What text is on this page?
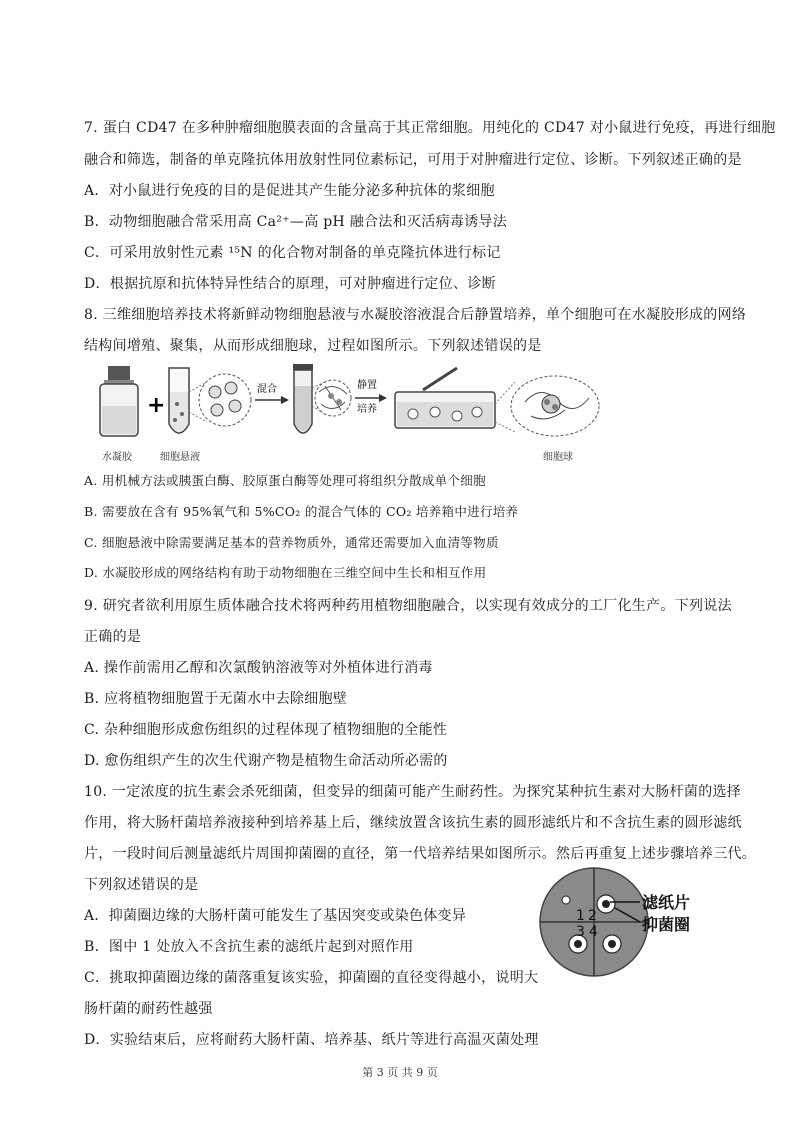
7. 蛋白 CD47 在多种肿瘤细胞膜表面的含量高于其正常细胞。用纯化的 CD47 对小鼠进行免疫，再进行细胞
融合和筛选，制备的单克隆抗体用放射性同位素标记，可用于对肿瘤进行定位、诊断。下列叙述正确的是
A．对小鼠进行免疫的目的是促进其产生能分泌多种抗体的浆细胞
B．动物细胞融合常采用高 Ca²⁺—高 pH 融合法和灭活病毒诱导法
C．可采用放射性元素 ¹⁵N 的化合物对制备的单克隆抗体进行标记
D．根据抗原和抗体特异性结合的原理，可对肿瘤进行定位、诊断
8. 三维细胞培养技术将新鲜动物细胞悬液与水凝胶溶液混合后静置培养，单个细胞可在水凝胶形成的网络
结构间增殖、聚集，从而形成细胞球，过程如图所示。下列叙述错误的是
+
混合	静置
培养
水凝胶	细胞悬液	细胞球
A. 用机械方法或胰蛋白酶、胶原蛋白酶等处理可将组织分散成单个细胞
B. 需要放在含有 95%氧气和 5%CO₂ 的混合气体的 CO₂ 培养箱中进行培养
C. 细胞悬液中除需要满足基本的营养物质外，通常还需要加入血清等物质
D. 水凝胶形成的网络结构有助于动物细胞在三维空间中生长和相互作用
9. 研究者欲利用原生质体融合技术将两种药用植物细胞融合，以实现有效成分的工厂化生产。下列说法
正确的是
A. 操作前需用乙醇和次氯酸钠溶液等对外植体进行消毒
B. 应将植物细胞置于无菌水中去除细胞壁
C. 杂种细胞形成愈伤组织的过程体现了植物细胞的全能性
D. 愈伤组织产生的次生代谢产物是植物生命活动所必需的
10. 一定浓度的抗生素会杀死细菌，但变异的细菌可能产生耐药性。为探究某种抗生素对大肠杆菌的选择
作用，将大肠杆菌培养液接种到培养基上后，继续放置含该抗生素的圆形滤纸片和不含抗生素的圆形滤纸
片，一段时间后测量滤纸片周围抑菌圈的直径，第一代培养结果如图所示。然后再重复上述步骤培养三代。
下列叙述错误的是
A．抑菌圈边缘的大肠杆菌可能发生了基因突变或染色体变异
B．图中 1 处放入不含抗生素的滤纸片起到对照作用
C．挑取抑菌圈边缘的菌落重复该实验，抑菌圈的直径变得越小，说明大
肠杆菌的耐药性越强
D．实验结束后，应将耐药大肠杆菌、培养基、纸片等进行高温灭菌处理
1 2
3 4
滤纸片
抑菌圈
第 3 页 共 9 页
